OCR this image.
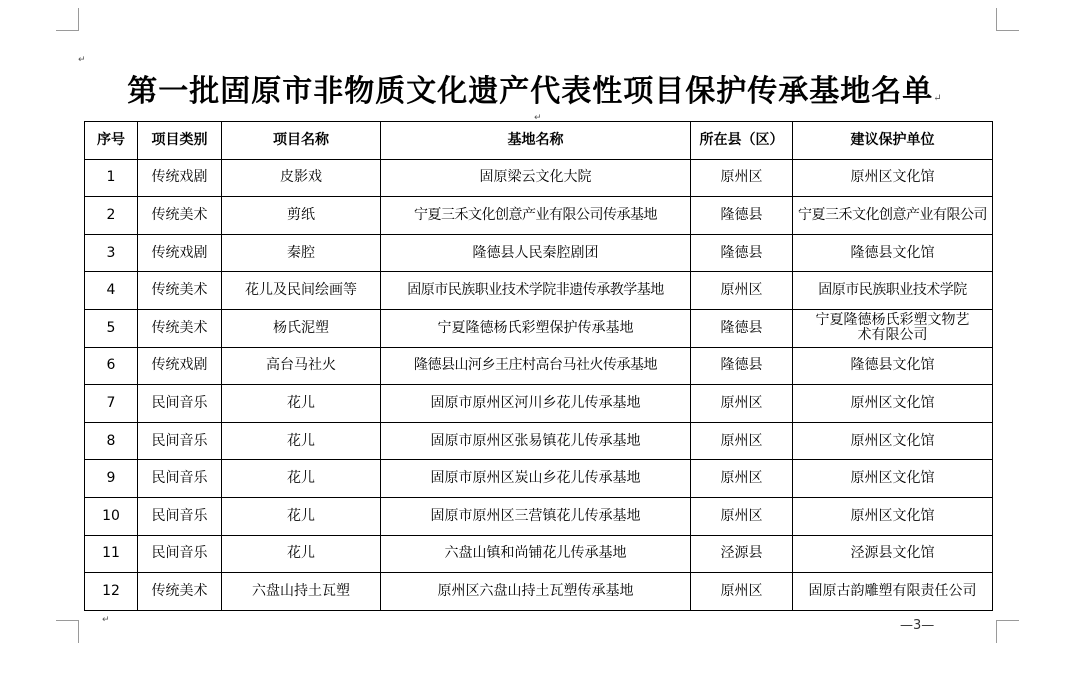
↵
↵
↵
第一批固原市非物质文化遗产代表性项目保护传承基地名单↵
序号	项目类别	项目名称	基地名称	所在县（区）	建议保护单位
1	传统戏剧	皮影戏	固原梁云文化大院	原州区	原州区文化馆
2	传统美术	剪纸	宁夏三禾文化创意产业有限公司传承基地	隆德县	宁夏三禾文化创意产业有限公司
3	传统戏剧	秦腔	隆德县人民秦腔剧团	隆德县	隆德县文化馆
4	传统美术	花儿及民间绘画等	固原市民族职业技术学院非遗传承教学基地	原州区	固原市民族职业技术学院
5	传统美术	杨氏泥塑	宁夏隆德杨氏彩塑保护传承基地	隆德县	宁夏隆德杨氏彩塑文物艺术有限公司
6	传统戏剧	高台马社火	隆德县山河乡王庄村高台马社火传承基地	隆德县	隆德县文化馆
7	民间音乐	花儿	固原市原州区河川乡花儿传承基地	原州区	原州区文化馆
8	民间音乐	花儿	固原市原州区张易镇花儿传承基地	原州区	原州区文化馆
9	民间音乐	花儿	固原市原州区炭山乡花儿传承基地	原州区	原州区文化馆
10	民间音乐	花儿	固原市原州区三营镇花儿传承基地	原州区	原州区文化馆
11	民间音乐	花儿	六盘山镇和尚铺花儿传承基地	泾源县	泾源县文化馆
12	传统美术	六盘山持土瓦塑	原州区六盘山持土瓦塑传承基地	原州区	固原古韵雕塑有限责任公司
—3—
